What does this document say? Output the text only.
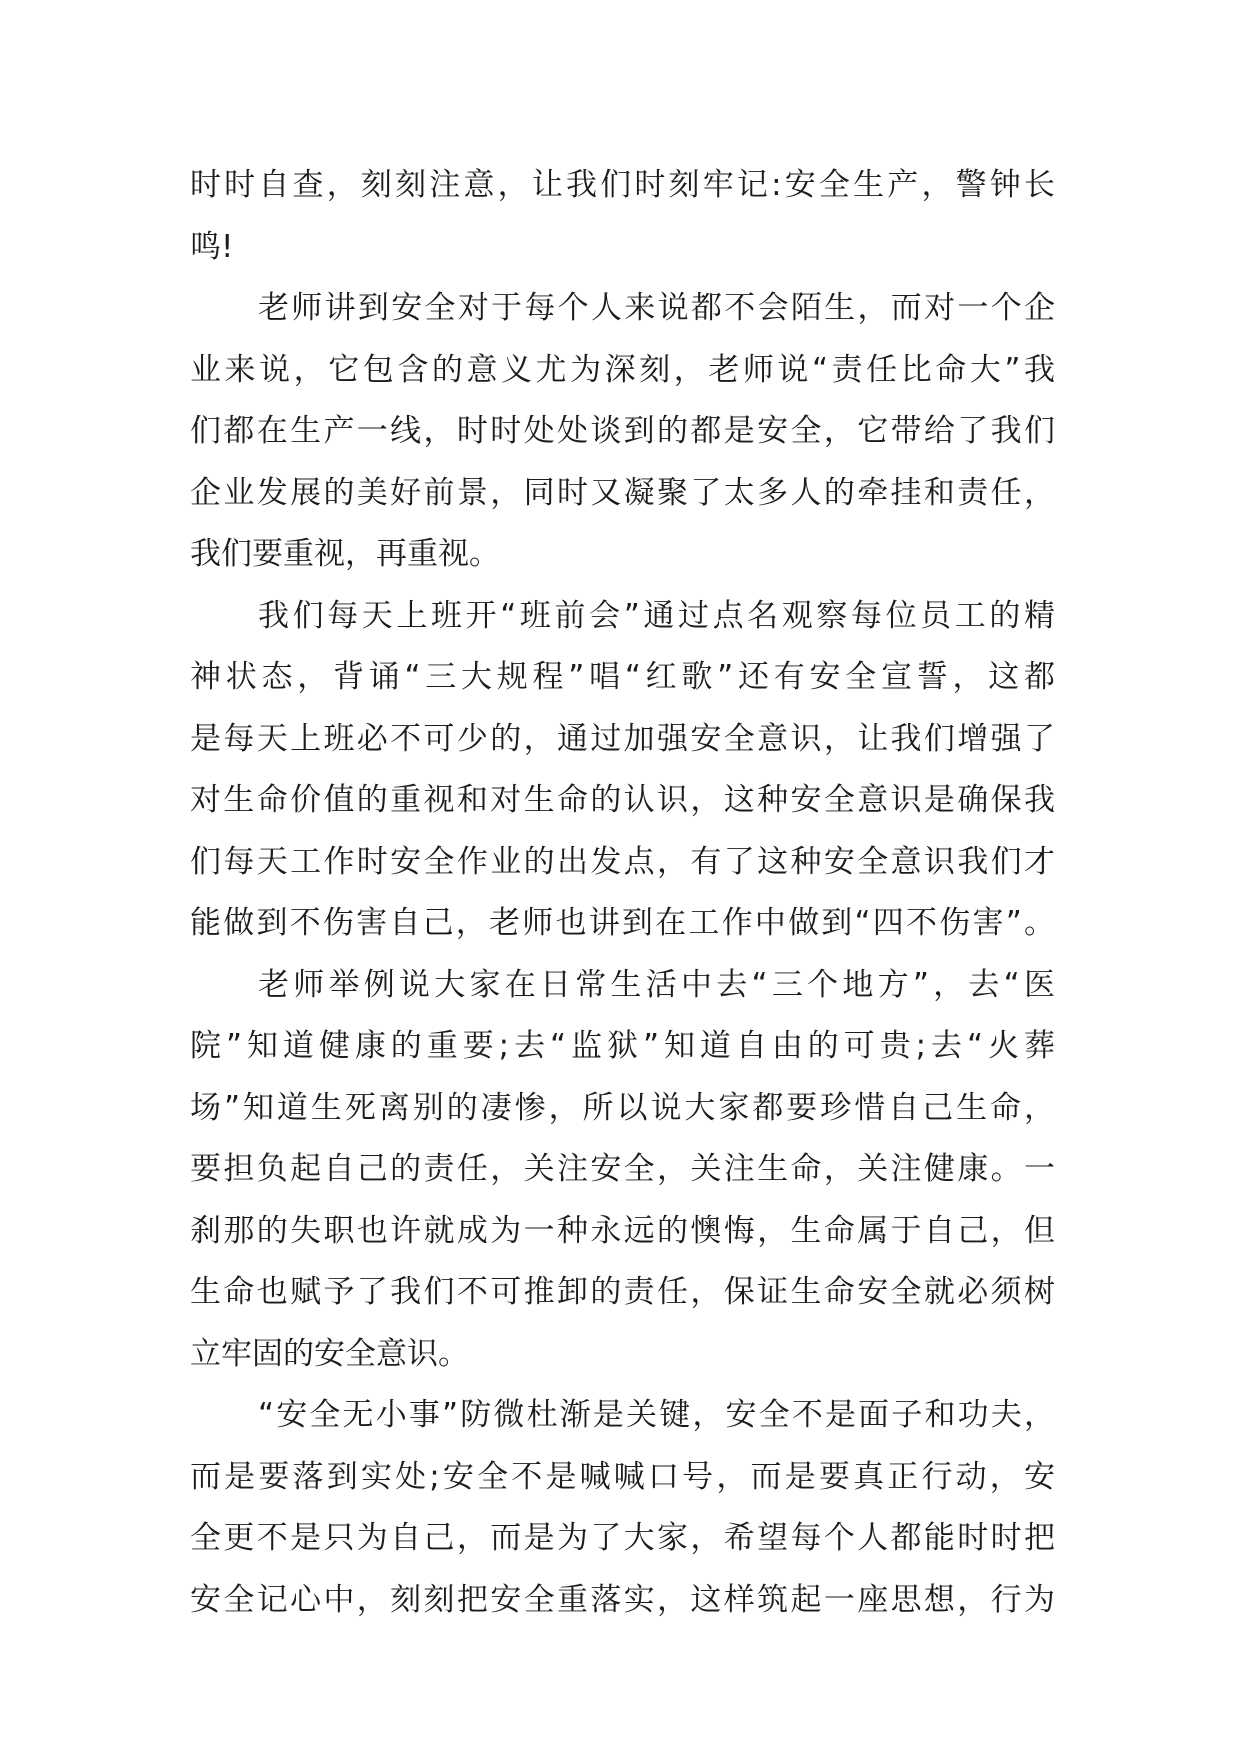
时时自查，刻刻注意，让我们时刻牢记:安全生产，警钟长
鸣!
老师讲到安全对于每个人来说都不会陌生，而对一个企
业来说，它包含的意义尤为深刻，老师说“责任比命大”我
们都在生产一线，时时处处谈到的都是安全，它带给了我们
企业发展的美好前景，同时又凝聚了太多人的牵挂和责任，
我们要重视，再重视。
我们每天上班开“班前会”通过点名观察每位员工的精
神状态，背诵“三大规程”唱“红歌”还有安全宣誓，这都
是每天上班必不可少的，通过加强安全意识，让我们增强了
对生命价值的重视和对生命的认识，这种安全意识是确保我
们每天工作时安全作业的出发点，有了这种安全意识我们才
能做到不伤害自己，老师也讲到在工作中做到“四不伤害”。
老师举例说大家在日常生活中去“三个地方”，去“医
院”知道健康的重要;去“监狱”知道自由的可贵;去“火葬
场”知道生死离别的凄惨，所以说大家都要珍惜自己生命，
要担负起自己的责任，关注安全，关注生命，关注健康。一
刹那的失职也许就成为一种永远的懊悔，生命属于自己，但
生命也赋予了我们不可推卸的责任，保证生命安全就必须树
立牢固的安全意识。
“安全无小事”防微杜渐是关键，安全不是面子和功夫，
而是要落到实处;安全不是喊喊口号，而是要真正行动，安
全更不是只为自己，而是为了大家，希望每个人都能时时把
安全记心中，刻刻把安全重落实，这样筑起一座思想，行为
